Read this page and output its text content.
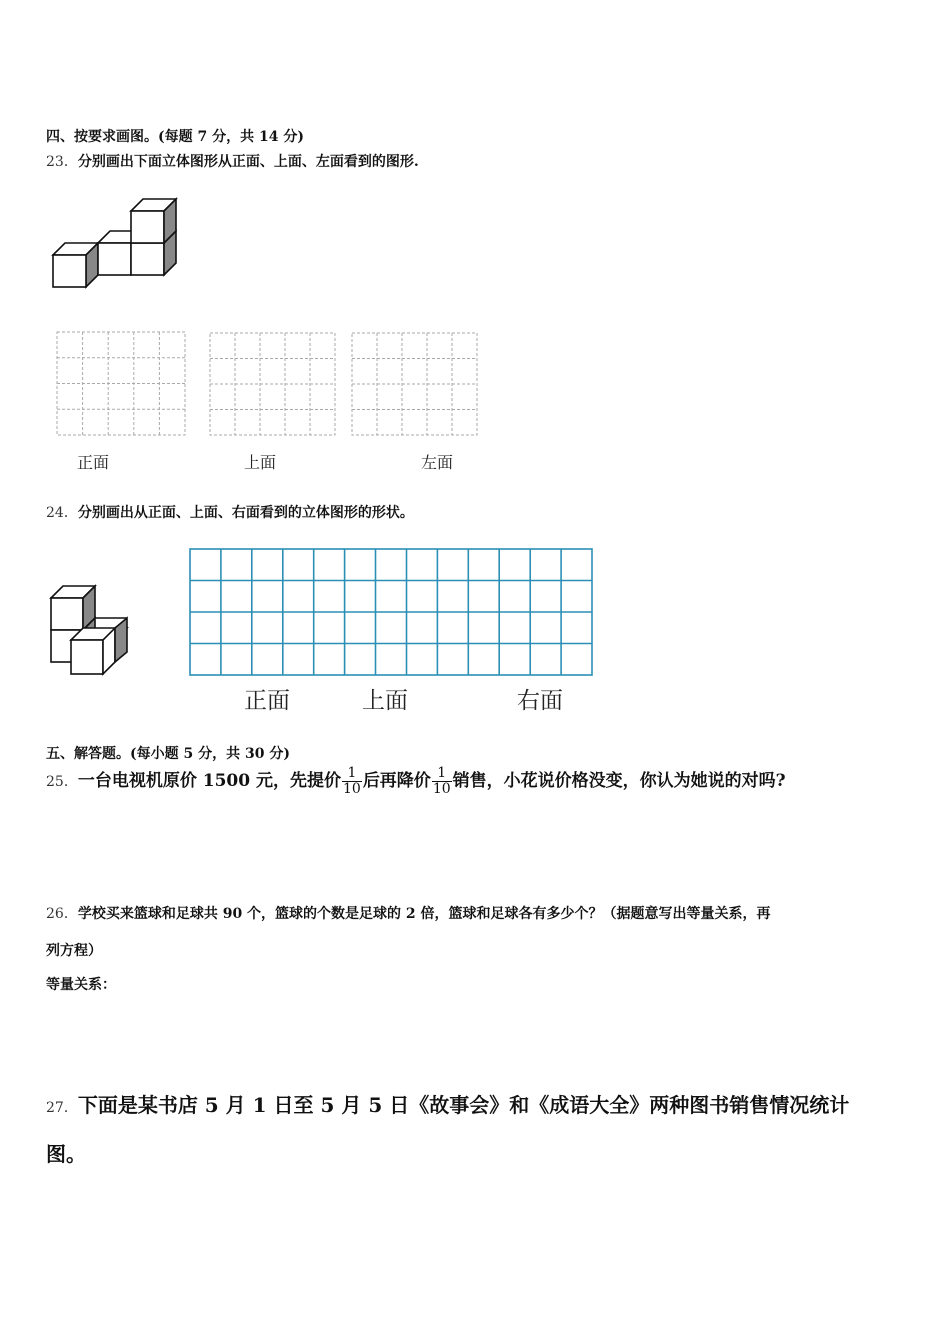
四、按要求画图。(每题 7 分，共 14 分)
23．分别画出下面立体图形从正面、上面、左面看到的图形.
正面	上面	左面
24．分别画出从正面、上面、右面看到的立体图形的形状。
正面	上面	右面
五、解答题。(每小题 5 分，共 30 分)
25．一台电视机原价 1500 元，先提价 $\frac{1}{10}$ 后再降价 $\frac{1}{10}$ 销售，小花说价格没变，你认为她说的对吗?
26．学校买来篮球和足球共 90 个，篮球的个数是足球的 2 倍，篮球和足球各有多少个？（据题意写出等量关系，再
列方程）
等量关系：
27．下面是某书店 5 月 1 日至 5 月 5 日《故事会》和《成语大全》两种图书销售情况统计
图。
